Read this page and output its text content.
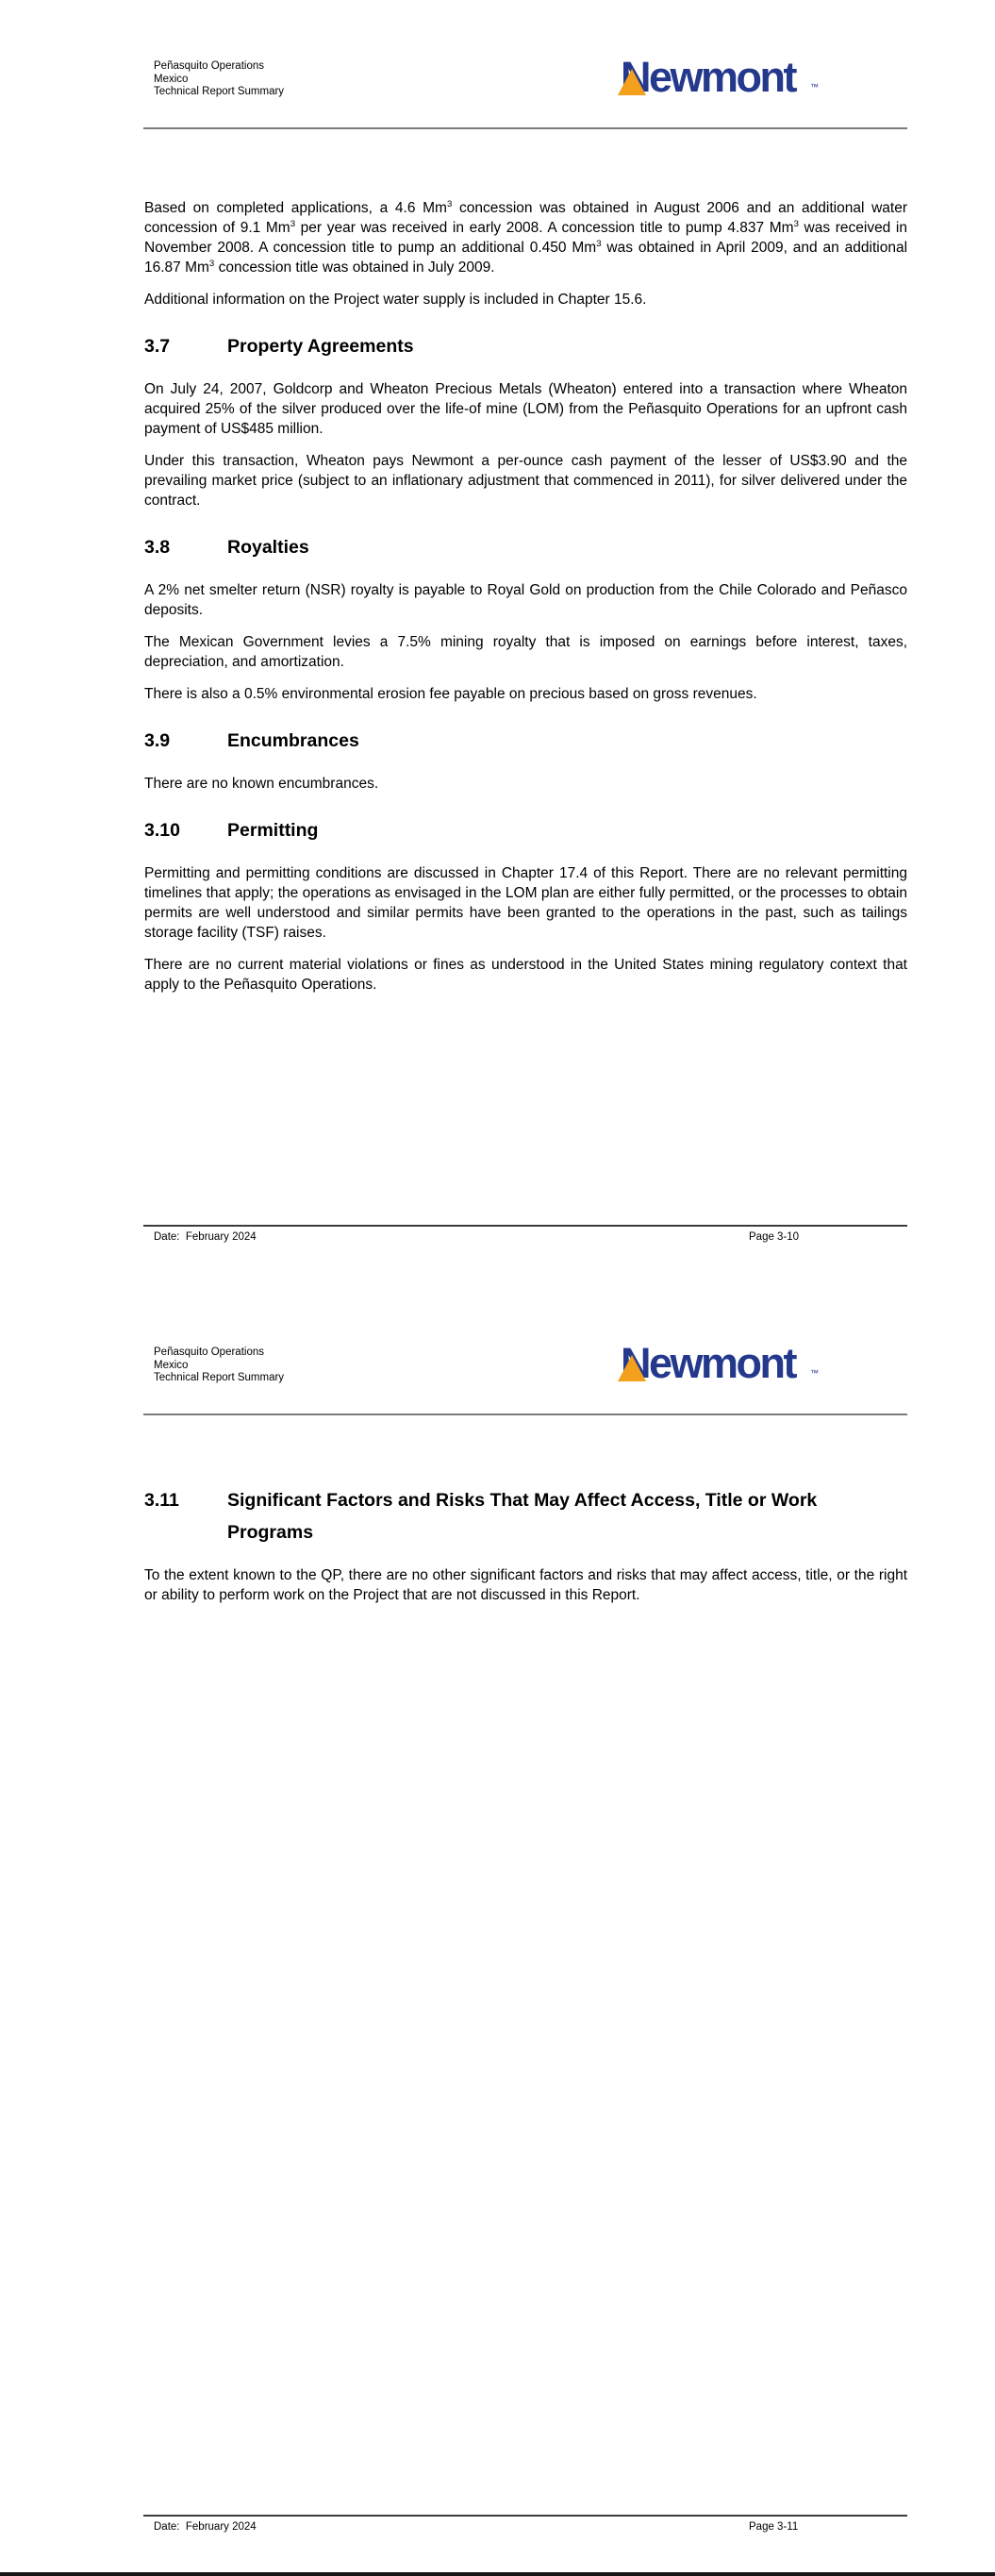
Peñasquito Operations
Mexico
Technical Report Summary	Newmont ™

Based on completed applications, a 4.6 Mm$^3$ concession was obtained in August 2006 and an additional water concession of 9.1 Mm$^3$ per year was received in early 2008. A concession title to pump 4.837 Mm$^3$ was received in November 2008. A concession title to pump an additional 0.450 Mm$^3$ was obtained in April 2009, and an additional 16.87 Mm$^3$ concession title was obtained in July 2009.

Additional information on the Project water supply is included in Chapter 15.6.

3.7	Property Agreements

On July 24, 2007, Goldcorp and Wheaton Precious Metals (Wheaton) entered into a transaction where Wheaton acquired 25% of the silver produced over the life-of mine (LOM) from the Peñasquito Operations for an upfront cash payment of US$485 million.

Under this transaction, Wheaton pays Newmont a per-ounce cash payment of the lesser of US$3.90 and the prevailing market price (subject to an inflationary adjustment that commenced in 2011), for silver delivered under the contract.

3.8	Royalties

A 2% net smelter return (NSR) royalty is payable to Royal Gold on production from the Chile Colorado and Peñasco deposits.

The Mexican Government levies a 7.5% mining royalty that is imposed on earnings before interest, taxes, depreciation, and amortization.

There is also a 0.5% environmental erosion fee payable on precious based on gross revenues.

3.9	Encumbrances

There are no known encumbrances.

3.10	Permitting

Permitting and permitting conditions are discussed in Chapter 17.4 of this Report. There are no relevant permitting timelines that apply; the operations as envisaged in the LOM plan are either fully permitted, or the processes to obtain permits are well understood and similar permits have been granted to the operations in the past, such as tailings storage facility (TSF) raises.

There are no current material violations or fines as understood in the United States mining regulatory context that apply to the Peñasquito Operations.

Date:  February 2024	Page 3-10
Peñasquito Operations
Mexico
Technical Report Summary	Newmont ™
3.11	Significant Factors and Risks That May Affect Access, Title or Work Programs

To the extent known to the QP, there are no other significant factors and risks that may affect access, title, or the right or ability to perform work on the Project that are not discussed in this Report.

Date:  February 2024	Page 3-11
